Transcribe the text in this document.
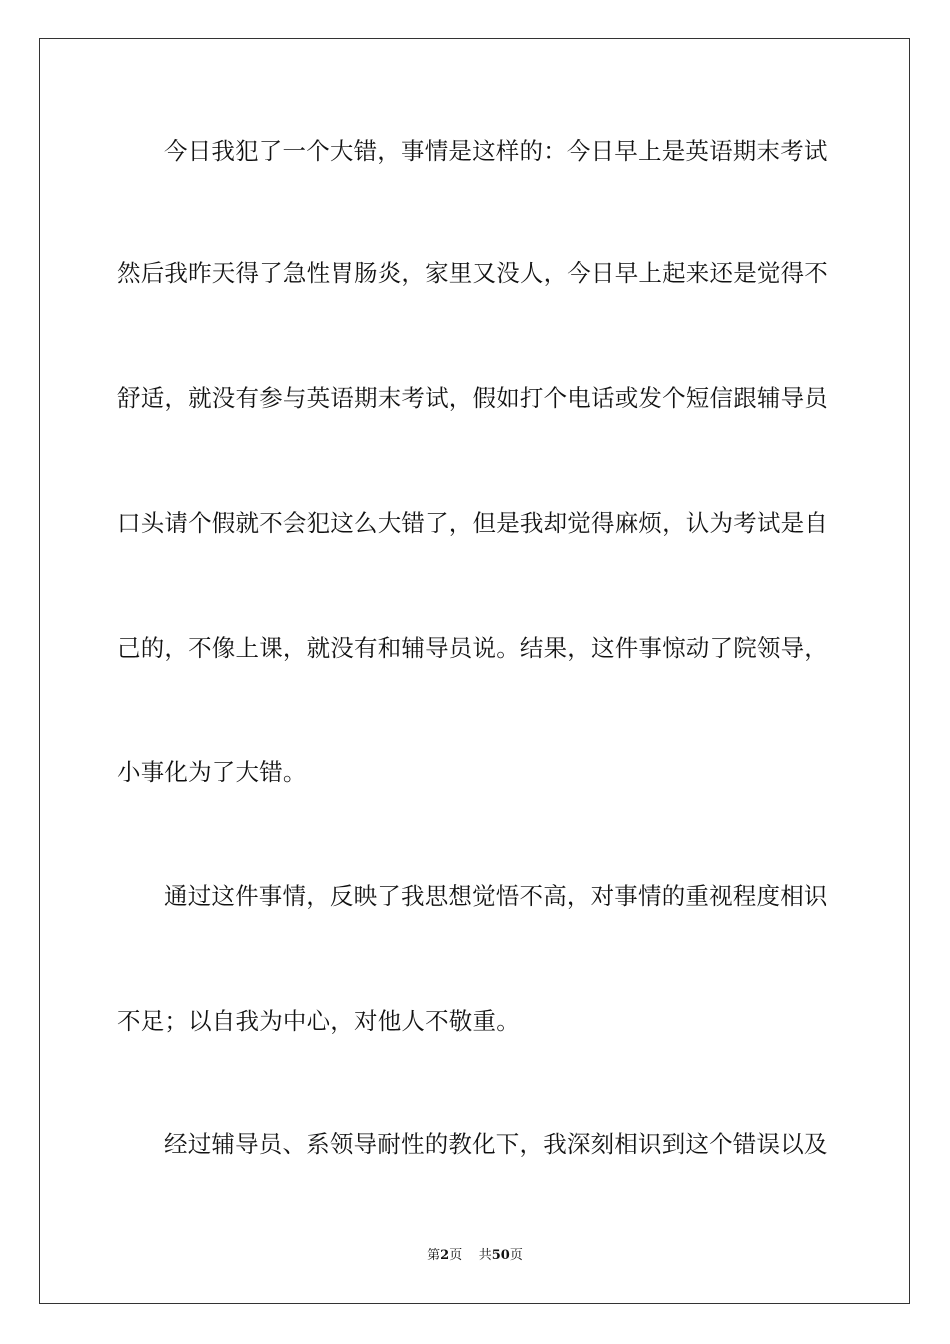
今日我犯了一个大错，事情是这样的：今日早上是英语期末考试
然后我昨天得了急性胃肠炎，家里又没人，今日早上起来还是觉得不
舒适，就没有参与英语期末考试，假如打个电话或发个短信跟辅导员
口头请个假就不会犯这么大错了，但是我却觉得麻烦，认为考试是自
己的，不像上课，就没有和辅导员说。结果，这件事惊动了院领导，
小事化为了大错。
通过这件事情，反映了我思想觉悟不高，对事情的重视程度相识
不足；以自我为中心，对他人不敬重。
经过辅导员、系领导耐性的教化下，我深刻相识到这个错误以及
第2页 共50页
